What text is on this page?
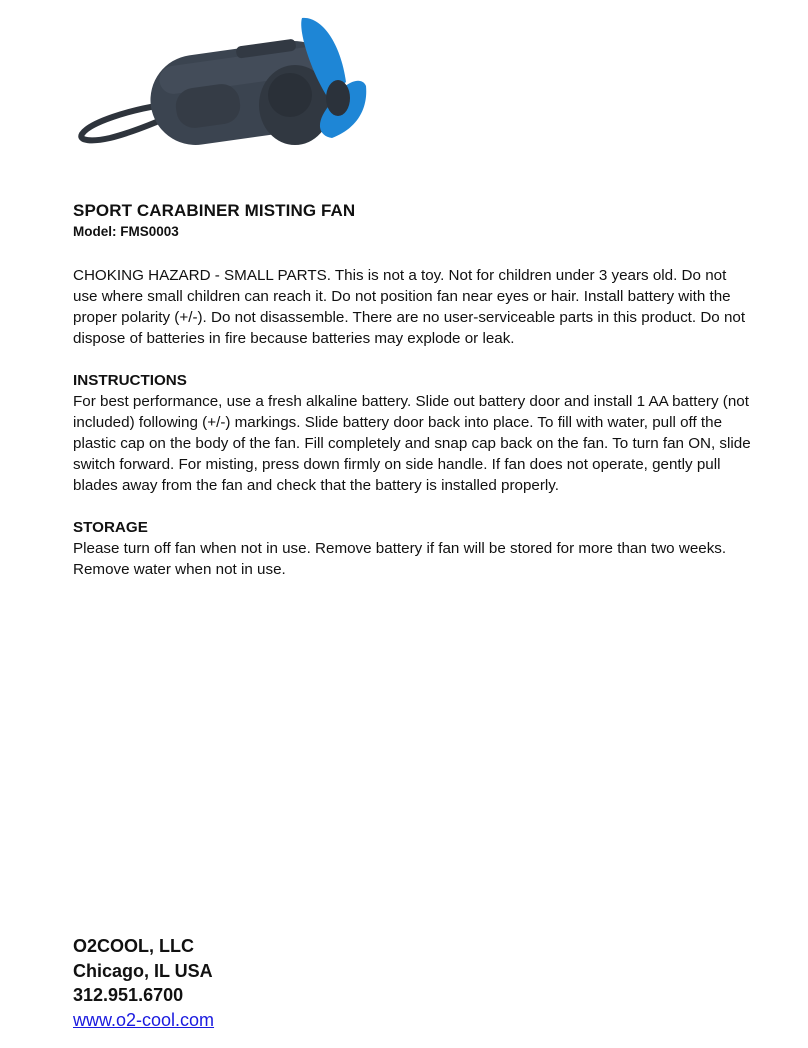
SPORT CARABINER MISTING FAN

Model: FMS0003

CHOKING HAZARD - SMALL PARTS. This is not a toy. Not for children under 3 years old. Do not use where small children can reach it. Do not position fan near eyes or hair. Install battery with the proper polarity (+/-). Do not disassemble. There are no user-serviceable parts in this product. Do not dispose of batteries in fire because batteries may explode or leak.

INSTRUCTIONS

For best performance, use a fresh alkaline battery. Slide out battery door and install 1 AA battery (not included) following (+/-) markings. Slide battery door back into place. To fill with water, pull off the plastic cap on the body of the fan. Fill completely and snap cap back on the fan. To turn fan ON, slide switch forward. For misting, press down firmly on side handle. If fan does not operate, gently pull blades away from the fan and check that the battery is installed properly.

STORAGE

Please turn off fan when not in use. Remove battery if fan will be stored for more than two weeks. Remove water when not in use.

O2COOL, LLC

Chicago, IL USA

312.951.6700

www.o2-cool.com
